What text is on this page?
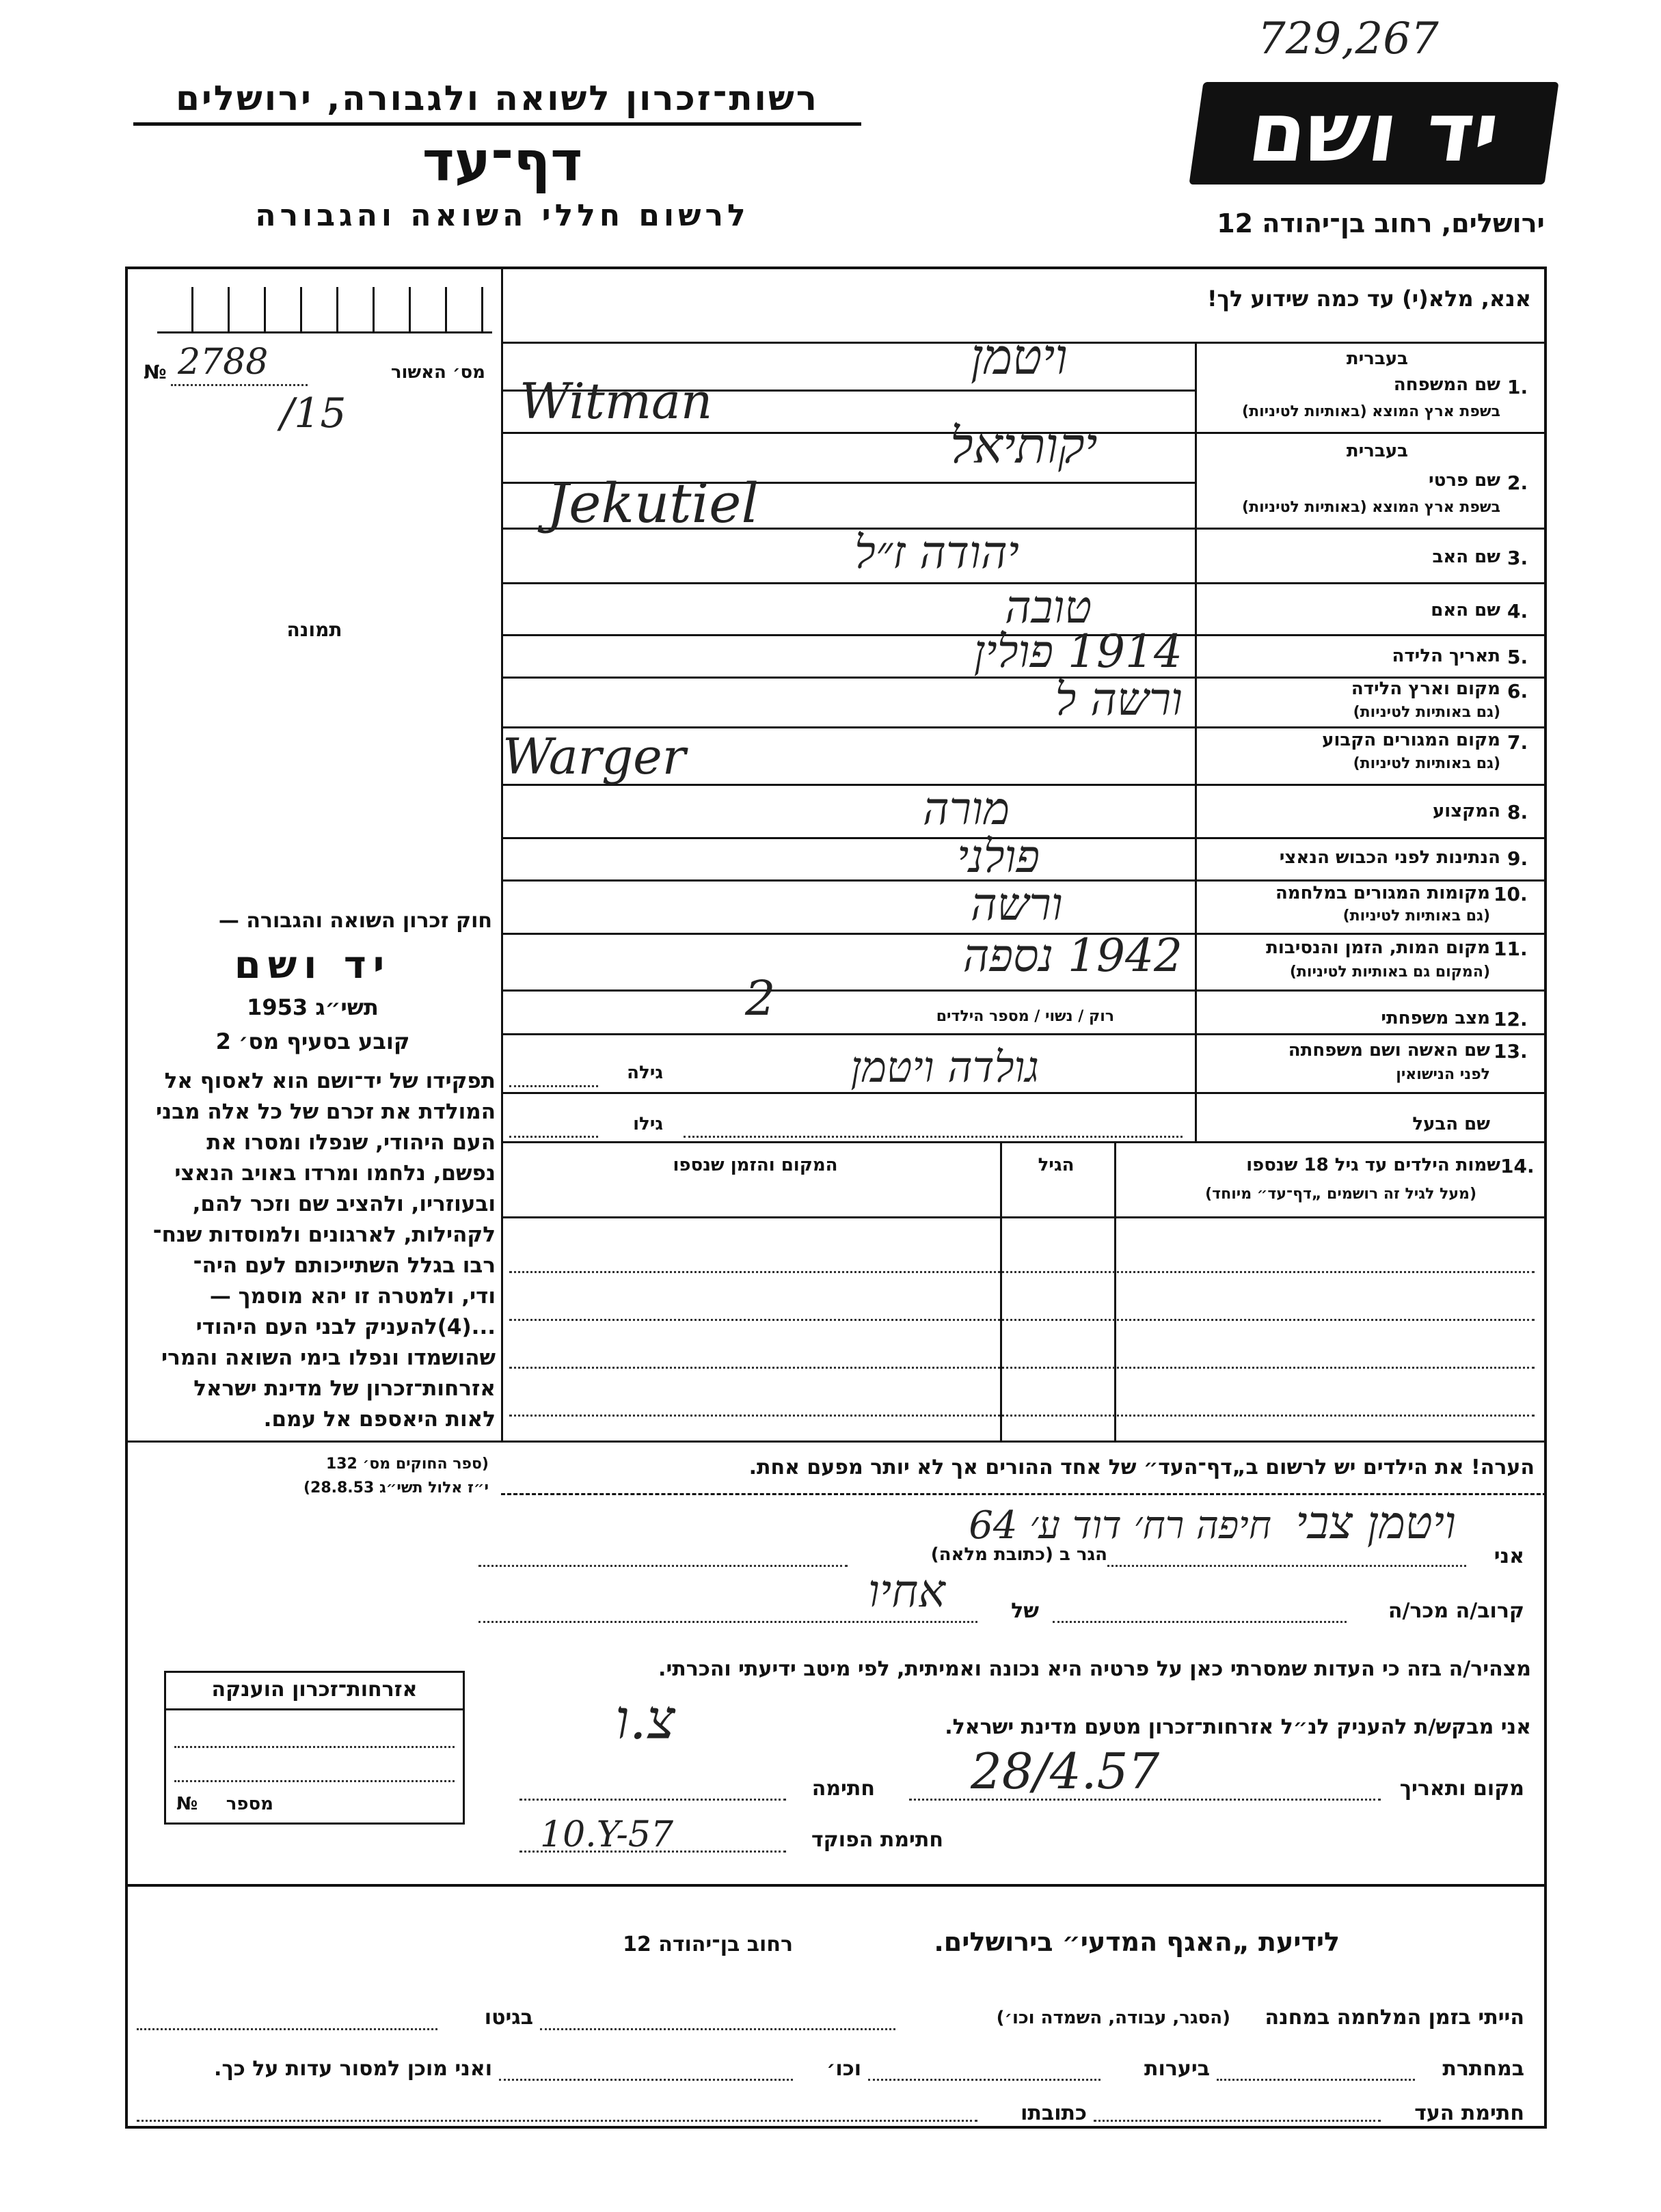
729,267
רשות־זכרון לשואה ולגבורה, ירושלים
דף־עד
לרשום חללי השואה והגבורה
יד ושם
ירושלים, רחוב בן־יהודה 12
אנא, מלא(י) עד כמה שידוע לך!
מס׳ האשור
№ 2788
/15
תמונה
בעברית
1.
שם המשפחה
בשפת ארץ המוצא (באותיות לטיניות)
ויטמן
Witman
בעברית
2.
שם פרטי
בשפת ארץ המוצא (באותיות לטיניות)
יקותיאל
Jekutiel
3.
שם האב
יהודה ז״ל
4.
שם האם
טובה
5.
תאריך הלידה
1914 פולין
6.
מקום וארץ הלידה
(גם באותיות לטיניות)
ורשה ל
7.
מקום המגורים הקבוע
(גם באותיות לטיניות)
Warger
8.
המקצוע
מורה
9.
הנתינות לפני הכבוש הנאצי
פולני
10.
מקומות המגורים במלחמה
(גם באותיות לטיניות)
ורשה
11.
מקום המות, הזמן והנסיבות
(המקום גם באותיות לטיניות)
1942 נספה
12.
מצב משפחתי
רוק / נשוי / מספר הילדים
2
13.
שם האשה ושם משפחתה
לפני הנישואין
גילה	גולדה ויטמן
שם הבעל
גילו
14.
שמות הילדים עד גיל 18 שנספו
(מעל לגיל זה רושמים „דף־עד״ מיוחד)
הגיל
המקום והזמן שנספו
חוק זכרון השואה והגבורה —
יד ושם
תשי״ג 1953
קובע בסעיף מס׳ 2
תפקידו של יד־ושם הוא לאסוף אל
המולדת את זכרם של כל אלה מבני
העם היהודי, שנפלו ומסרו את
נפשם, נלחמו ומרדו באויב הנאצי
ובעוזריו, ולהציב שם וזכר להם,
לקהילות, לארגונים ולמוסדות שנח־
רבו בגלל השתייכותם לעם היה־
ודי, ולמטרה זו יהא מוסמך —
...(4)להעניק לבני העם היהודי
שהושמדו ונפלו בימי השואה והמרי
אזרחות־זכרון של מדינת ישראל
לאות היאספם אל עמם.
(ספר החוקים מס׳ 132
י״ז אלול תשי״ג 28.8.53)
הערה! את הילדים יש לרשום ב„דף־העד״ של אחד ההורים אך לא יותר מפעם אחת.
אני
ויטמן צבי
הגר ב (כתובת מלאה)
חיפה רח׳ דוד ע׳ 64
קרוב/ה מכר/ה
של
אחיו
מצהיר/ה בזה כי העדות שמסרתי כאן על פרטיה היא נכונה ואמיתית, לפי מיטב ידיעתי והכרתי.
אני מבקש/ת להעניק לנ״ל אזרחות־זכרון מטעם מדינת ישראל.
צ.ו
מקום ותאריך
28/4.57
חתימה
חתימת הפוקד
10.Y-57
אזרחות־זכרון הוענקה
מספר
№
לידיעת „האגף המדעי״ בירושלים.
רחוב בן־יהודה 12
הייתי בזמן המלחמה במחנה
(הסגר, עבודה, השמדה וכו׳)
בגיטו
במחתרת
ביערות
וכו׳
ואני מוכן למסור עדות על כך.
חתימת העד
כתובתו
